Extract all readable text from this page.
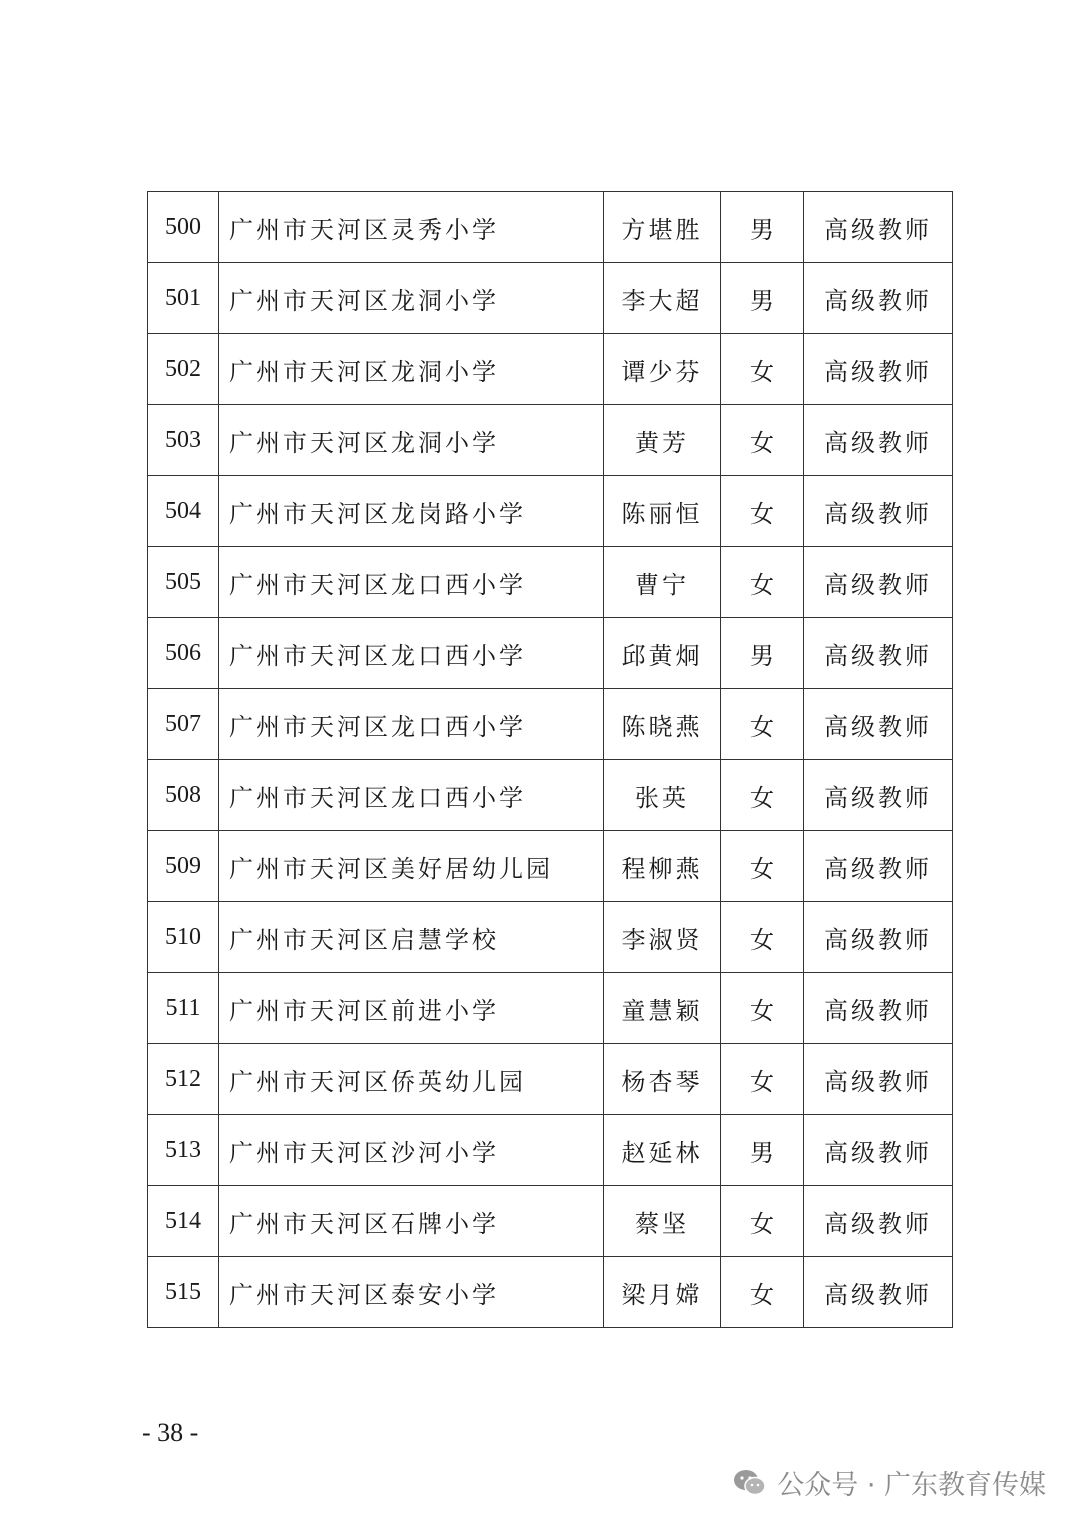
500	广州市天河区灵秀小学	方堪胜	男	高级教师
501	广州市天河区龙洞小学	李大超	男	高级教师
502	广州市天河区龙洞小学	谭少芬	女	高级教师
503	广州市天河区龙洞小学	黄芳	女	高级教师
504	广州市天河区龙岗路小学	陈丽恒	女	高级教师
505	广州市天河区龙口西小学	曹宁	女	高级教师
506	广州市天河区龙口西小学	邱黄炯	男	高级教师
507	广州市天河区龙口西小学	陈晓燕	女	高级教师
508	广州市天河区龙口西小学	张英	女	高级教师
509	广州市天河区美好居幼儿园	程柳燕	女	高级教师
510	广州市天河区启慧学校	李淑贤	女	高级教师
511	广州市天河区前进小学	童慧颖	女	高级教师
512	广州市天河区侨英幼儿园	杨杏琴	女	高级教师
513	广州市天河区沙河小学	赵延林	男	高级教师
514	广州市天河区石牌小学	蔡坚	女	高级教师
515	广州市天河区泰安小学	梁月嫦	女	高级教师
- 38 -
公众号 · 广东教育传媒
